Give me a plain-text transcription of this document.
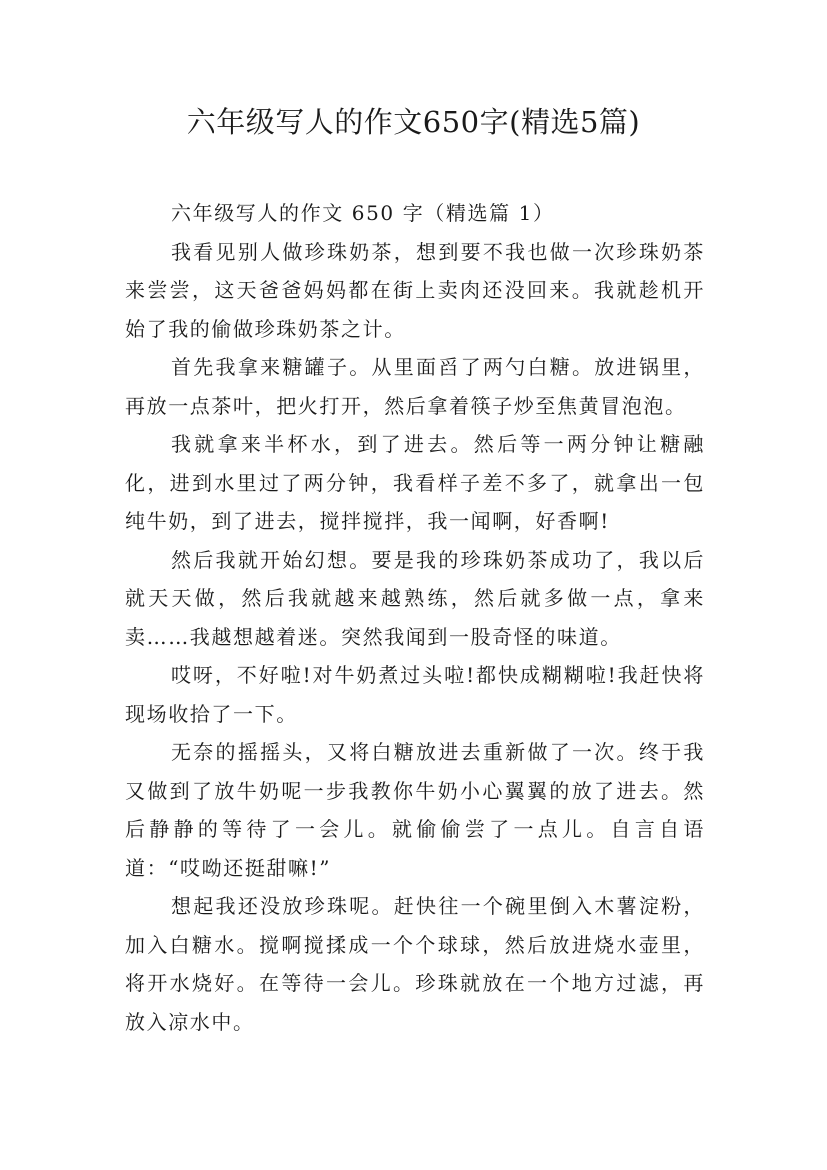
六年级写人的作文650字(精选5篇)
六年级写人的作文 650 字（精选篇 1）

我看见别人做珍珠奶茶，想到要不我也做一次珍珠奶茶来尝尝，这天爸爸妈妈都在街上卖肉还没回来。我就趁机开始了我的偷做珍珠奶茶之计。

首先我拿来糖罐子。从里面舀了两勺白糖。放进锅里，再放一点茶叶，把火打开，然后拿着筷子炒至焦黄冒泡泡。

我就拿来半杯水，到了进去。然后等一两分钟让糖融化，进到水里过了两分钟，我看样子差不多了，就拿出一包纯牛奶，到了进去，搅拌搅拌，我一闻啊，好香啊!

然后我就开始幻想。要是我的珍珠奶茶成功了，我以后就天天做，然后我就越来越熟练，然后就多做一点，拿来卖……我越想越着迷。突然我闻到一股奇怪的味道。

哎呀，不好啦!对牛奶煮过头啦!都快成糊糊啦!我赶快将现场收拾了一下。

无奈的摇摇头，又将白糖放进去重新做了一次。终于我又做到了放牛奶呢一步我教你牛奶小心翼翼的放了进去。然后静静的等待了一会儿。就偷偷尝了一点儿。自言自语道：“哎呦还挺甜嘛!”

想起我还没放珍珠呢。赶快往一个碗里倒入木薯淀粉，加入白糖水。搅啊搅揉成一个个球球，然后放进烧水壶里，将开水烧好。在等待一会儿。珍珠就放在一个地方过滤，再放入凉水中。
